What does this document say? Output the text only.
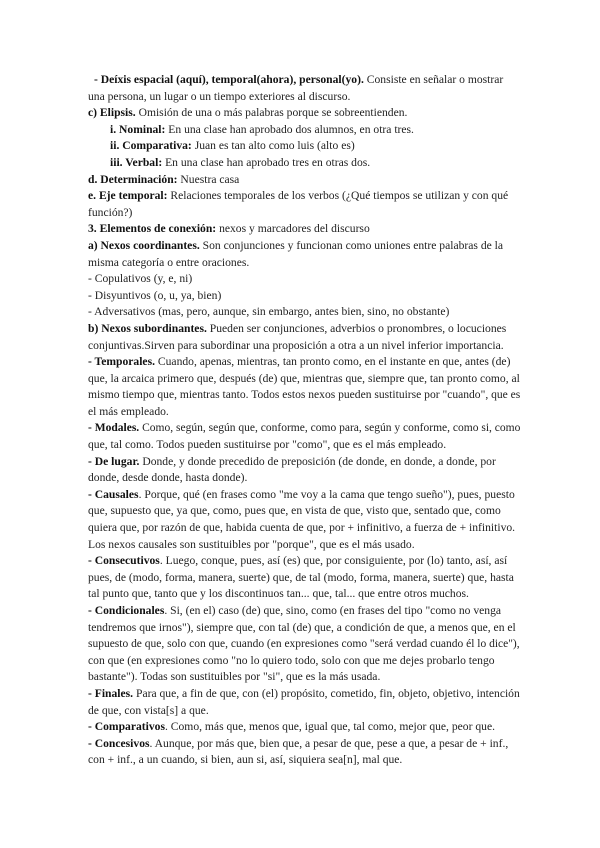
- Deíxis espacial (aquí), temporal(ahora), personal(yo). Consiste en señalar o mostrar
una persona, un lugar o un tiempo exteriores al discurso.
c) Elipsis. Omisión de una o más palabras porque se sobreentienden.
i. Nominal: En una clase han aprobado dos alumnos, en otra tres.
ii. Comparativa: Juan es tan alto como luis (alto es)
iii. Verbal: En una clase han aprobado tres en otras dos.
d. Determinación: Nuestra casa
e. Eje temporal: Relaciones temporales de los verbos (¿Qué tiempos se utilizan y con qué
función?)
3. Elementos de conexión: nexos y marcadores del discurso
a) Nexos coordinantes. Son conjunciones y funcionan como uniones entre palabras de la
misma categoría o entre oraciones.
- Copulativos (y, e, ni)
- Disyuntivos (o, u, ya, bien)
- Adversativos (mas, pero, aunque, sin embargo, antes bien, sino, no obstante)
b) Nexos subordinantes. Pueden ser conjunciones, adverbios o pronombres, o locuciones
conjuntivas.Sirven para subordinar una proposición a otra a un nivel inferior importancia.
- Temporales. Cuando, apenas, mientras, tan pronto como, en el instante en que, antes (de)
que, la arcaica primero que, después (de) que, mientras que, siempre que, tan pronto como, al
mismo tiempo que, mientras tanto. Todos estos nexos pueden sustituirse por "cuando", que es
el más empleado.
- Modales. Como, según, según que, conforme, como para, según y conforme, como si, como
que, tal como. Todos pueden sustituirse por "como", que es el más empleado.
- De lugar. Donde, y donde precedido de preposición (de donde, en donde, a donde, por
donde, desde donde, hasta donde).
- Causales. Porque, qué (en frases como "me voy a la cama que tengo sueño"), pues, puesto
que, supuesto que, ya que, como, pues que, en vista de que, visto que, sentado que, como
quiera que, por razón de que, habida cuenta de que, por + infinitivo, a fuerza de + infinitivo.
Los nexos causales son sustituibles por "porque", que es el más usado.
- Consecutivos. Luego, conque, pues, así (es) que, por consiguiente, por (lo) tanto, así, así
pues, de (modo, forma, manera, suerte) que, de tal (modo, forma, manera, suerte) que, hasta
tal punto que, tanto que y los discontinuos tan... que, tal... que entre otros muchos.
- Condicionales. Si, (en el) caso (de) que, sino, como (en frases del tipo "como no venga
tendremos que irnos"), siempre que, con tal (de) que, a condición de que, a menos que, en el
supuesto de que, solo con que, cuando (en expresiones como "será verdad cuando él lo dice"),
con que (en expresiones como "no lo quiero todo, solo con que me dejes probarlo tengo
bastante"). Todas son sustituibles por "si", que es la más usada.
- Finales. Para que, a fin de que, con (el) propósito, cometido, fin, objeto, objetivo, intención
de que, con vista[s] a que.
- Comparativos. Como, más que, menos que, igual que, tal como, mejor que, peor que.
- Concesivos. Aunque, por más que, bien que, a pesar de que, pese a que, a pesar de + inf.,
con + inf., a un cuando, si bien, aun si, así, siquiera sea[n], mal que.
